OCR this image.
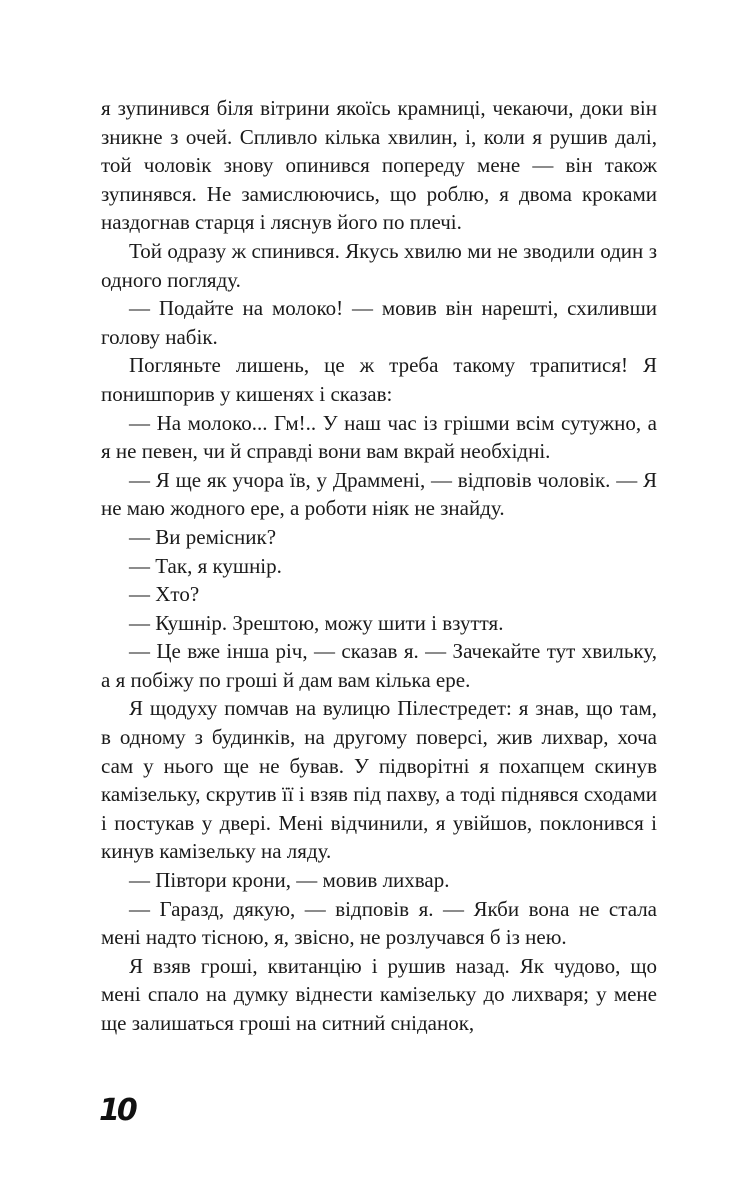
я зупинився біля вітрини якоїсь крамниці, чекаючи, доки він зникне з очей. Спливло кілька хвилин, і, коли я рушив далі, той чоловік знову опинився попереду мене — він також зупинявся. Не замислюючись, що роблю, я двома кроками наздогнав старця і ляснув його по плечі.

Той одразу ж спинився. Якусь хвилю ми не зводили один з одного погляду.

— Подайте на молоко! — мовив він нарешті, схиливши голову набік.

Погляньте лишень, це ж треба такому трапитися! Я понишпорив у кишенях і сказав:

— На молоко... Гм!.. У наш час із грішми всім сутужно, а я не певен, чи й справді вони вам вкрай необхідні.

— Я ще як учора їв, у Драммені, — відповів чоловік. — Я не маю жодного ере, а роботи ніяк не знайду.

— Ви ремісник?

— Так, я кушнір.

— Хто?

— Кушнір. Зрештою, можу шити і взуття.

— Це вже інша річ, — сказав я. — Зачекайте тут хвильку, а я побіжу по гроші й дам вам кілька ере.

Я щодуху помчав на вулицю Пілестредет: я знав, що там, в одному з будинків, на другому поверсі, жив лихвар, хоча сам у нього ще не бував. У підворітні я похапцем скинув камізельку, скрутив її і взяв під пахву, а тоді піднявся сходами і постукав у двері. Мені відчинили, я увійшов, поклонився і кинув камізельку на ляду.

— Півтори крони, — мовив лихвар.

— Гаразд, дякую, — відповів я. — Якби вона не стала мені надто тісною, я, звісно, не розлучався б із нею.

Я взяв гроші, квитанцію і рушив назад. Як чудово, що мені спало на думку віднести камізельку до лихваря; у мене ще залишаться гроші на ситний сніданок,

10
